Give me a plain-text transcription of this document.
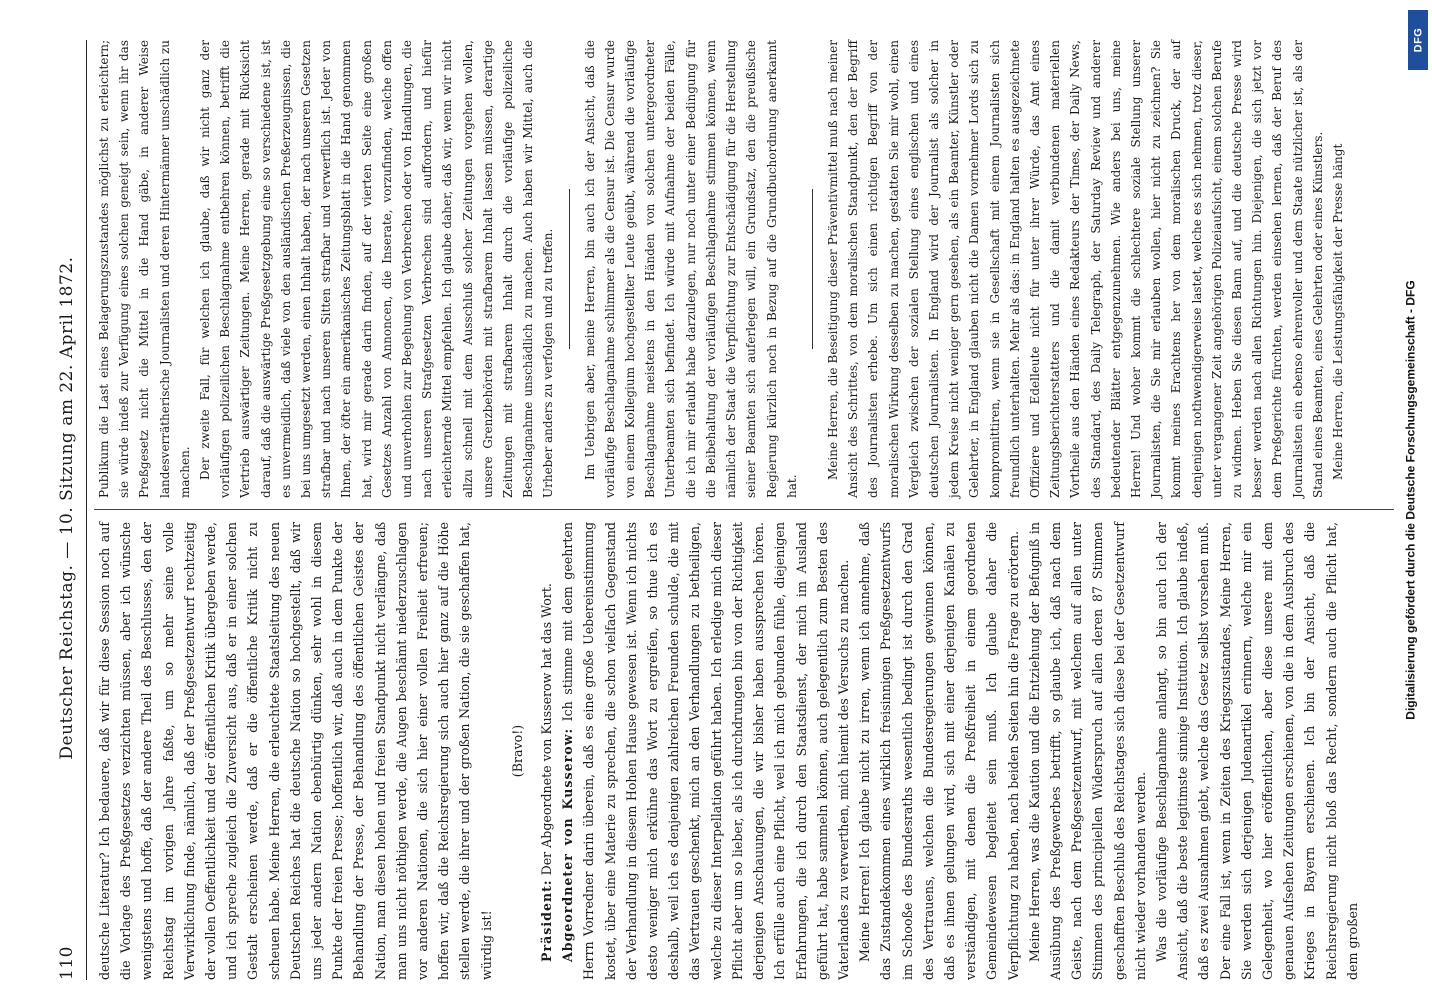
110
Deutscher Reichstag. — 10. Sitzung am 22. April 1872. deutsche Literatur? Ich bedauere, daß wir für diese Session noch auf die Vorlage des Preßgesetzes verzichten müssen, aber ich wünsche wenigstens und hoffe, daß der andere Theil des Beschlusses, den der Reichstag im vorigen Jahre faßte, um so mehr seine volle Verwirklichung finde, nämlich, daß der Preßgesetzentwurf rechtzeitig der vollen Oeffentlichkeit und der öffentlichen Kritik übergeben werde, und ich spreche zugleich die Zuversicht aus, daß er in einer solchen Gestalt erscheinen werde, daß er die öffentliche Kritik nicht zu scheuen habe. Meine Herren, die erleuchtete Staatsleitung des neuen Deutschen Reiches hat die deutsche Nation so hochgestellt, daß wir uns jeder andern Nation ebenbürtig dünken, sehr wohl in diesem Punkte der freien Presse; hoffentlich wir, daß auch in dem Punkte der Behandlung der Presse, der Behandlung des öffentlichen Geistes der Nation, man diesen hohen und freien Standpunkt nicht verlängne, daß man uns nicht nöthigen werde, die Augen beschämt niederzuschlagen vor anderen Nationen, die sich hier einer vollen Freiheit erfreuen; hoffen wir, daß die Reichsregierung sich auch hier ganz auf die Höhe stellen werde, die ihrer und der großen Nation, die sie geschaffen hat, würdig ist!

(Bravo!)

Präsident: Der Abgeordnete von Kusserow hat das Wort. Abgeordneter von Kusserow: Ich stimme mit dem geehrten Herrn Vorredner darin überein, daß es eine große Uebereinstimmung kostet, über eine Materie zu sprechen, die schon vielfach Gegenstand der Verhandlung in diesem Hohen Hause gewesen ist. Wenn ich nichts desto weniger mich erkühne das Wort zu ergreifen, so thue ich es deshalb, weil ich es denjenigen zahlreichen Freunden schulde, die mit das Vertrauen geschenkt, mich an den Verhandlungen zu betheiligen, welche zu dieser Interpellation geführt haben. Ich erledige mich dieser Pflicht aber um so lieber, als ich durchdrungen bin von der Richtigkeit derjenigen Anschauungen, die wir bisher haben aussprechen hören. Ich erfülle auch eine Pflicht, weil ich mich gebunden fühle, diejenigen Erfahrungen, die ich durch den Staatsdienst, der mich im Ausland geführt hat, habe sammeln können, auch gelegentlich zum Besten des Vaterlandes zu verwerthen, mich hiemit des Versuchs zu machen. Meine Herren! Ich glaube nicht zu irren, wenn ich annehme, daß das Zustandekommen eines wirklich freisinnigen Preßgesetzentwurfs im Schooße des Bundesraths wesentlich bedingt ist durch den Grad des Vertrauens, welchen die Bundesregierungen gewinnen können, daß es ihnen gelungen wird, sich mit einer derjenigen Kanälen zu verständigen, mit denen die Preßfreiheit in einem geordneten Gemeindewesen begleitet sein muß. Ich glaube daher die Verpflichtung zu haben, nach beiden Seiten hin die Frage zu erörtern. Meine Herren, was die Kaution und die Entziehung der Befugniß in Ausübung des Preßgewerbes betrifft, so glaube ich, daß nach dem Geiste, nach dem Preßgesetzentwurf, mit welchem auf allen unter Stimmen des principiellen Widerspruch auf allen deren 87 Stimmen geschafften Beschluß des Reichstages sich diese bei der Gesetzentwurf nicht wieder vorhanden werden. Was die vorläufige Beschlagnahme anlangt, so bin auch ich der Ansicht, daß die beste legitimste sinnige Institution. Ich glaube indeß, daß es zwei Ausnahmen giebt, welche das Gesetz selbst vorsehen muß. Der eine Fall ist, wenn in Zeiten des Kriegszustandes, Meine Herren, Sie werden sich derjenigen Judenartikel erinnern, welche mir ein Gelegenheit, wo hier eröffentlichen, aber diese unsere mit dem genauen Aufsehen Zeitungen erschienen, von die in dem Ausbruch des Krieges in Bayern erschienen. Ich bin der Ansicht, daß die Reichsregierung nicht bloß das Recht, sondern auch die Pflicht hat, dem großen

Publikum die Last eines Belagerungszustandes möglichst zu erleichtern; sie würde indeß zur Verfügung eines solchen geneigt sein, wenn ihr das Preßgesetz nicht die Mittel in die Hand gäbe, in anderer Weise landesverrätherische Journalisten und deren Hintermänner unschädlich zu machen. Der zweite Fall, für welchen ich glaube, daß wir nicht ganz der vorläufigen polizeilichen Beschlagnahme entbehren können, betrifft die Vertrieb auswärtiger Zeitungen. Meine Herren, gerade mit Rücksicht darauf, daß die auswärtige Preßgesetzgebung eine so verschiedene ist, ist es unvermeidlich, daß viele von den ausländischen Preßerzeugnissen, die bei uns umgesetzt werden, einen Inhalt haben, der nach unseren Gesetzen strafbar und nach unseren Sitten strafbar und verwerflich ist. Jeder von Ihnen, der öfter ein amerikanisches Zeitungsblatt in die Hand genommen hat, wird mir gerade darin finden, auf der vierten Seite eine großen Gesetzes Anzahl von Annoncen, die Inserate, vorzufinden, welche offen und unverhohlen zur Begehung von Verbrechen oder von Handlungen, die nach unseren Strafgesetzen Verbrechen sind auffordern, und hiefür erleichternde Mittel empfehlen. Ich glaube daher, daß wir, wenn wir nicht allzu schnell mit dem Ausschluß solcher Zeitungen vorgehen wollen, unsere Grenzbehörden mit strafbarem Inhalt lassen müssen, derartige Zeitungen mit strafbarem Inhalt durch die vorläufige polizeiliche Beschlagnahme unschädlich zu machen. Auch haben wir Mittel, auch die Urheber anders zu verfolgen und zu treffen. Im Uebrigen aber, meine Herren, bin auch ich der Ansicht, daß die vorläufige Beschlagnahme schlimmer als die Censur ist. Die Censur wurde von einem Kollegium hochgestellter Leute geübt, während die vorläufige Beschlagnahme meistens in den Händen von solchen untergeordneter Unterbeamten sich befindet. Ich würde mit Aufnahme der beiden Fälle, die ich mir erlaubt habe darzulegen, nur noch unter einer Bedingung für die Beibehaltung der vorläufigen Beschlagnahme stimmen können, wenn nämlich der Staat die Verpflichtung zur Entschädigung für die Herstellung seiner Beamten sich auferlegen will, ein Grundsatz, den die preußische Regierung kürzlich noch in Bezug auf die Grundbuchordnung anerkannt hat.

Meine Herren, die Beseitigung dieser Präventivmittel muß nach meiner Ansicht des Schrittes, von dem moralischen Standpunkt, den der Begriff des Journalisten erhebe. Um sich einen richtigen Begriff von der moralischen Wirkung desselben zu machen, gestatten Sie mir wohl, einen Vergleich zwischen der sozialen Stellung eines englischen und eines deutschen Journalisten. In England wird der Journalist als solcher in jedem Kreise nicht weniger gern gesehen, als ein Beamter, Künstler oder Gelehrter, in England glauben nicht die Damen vornehmer Lords sich zu kompromittiren, wenn sie in Gesellschaft mit einem Journalisten sich freundlich unterhalten. Mehr als das: in England halten es ausgezeichnete Offiziere und Edelleute nicht für unter ihrer Würde, das Amt eines Zeitungsberichterstatters und die damit verbundenen materiellen Vortheile aus den Händen eines Redakteurs der Times, der Daily News, des Standard, des Daily Telegraph, der Saturday Review und anderer bedeutender Blätter entgegenzunehmen. Wie anders bei uns, meine Herren! Und woher kommt die schlechtere soziale Stellung unserer Journalisten, die Sie mir erlauben wollen, hier nicht zu zeichnen? Sie kommt meines Erachtens her von dem moralischen Druck, der auf denjenigen nothwendigerweise lastet, welche es sich nehmen, trotz dieser, unter vergangener Zeit angehörigen Polizeiaufsicht, einem solchen Berufe zu widmen. Heben Sie diesen Bann auf, und die deutsche Presse wird besser werden nach allen Richtungen hin. Diejenigen, die sich jetzt vor dem Preßgerichte fürchten, werden einsehen lernen, daß der Beruf des Journalisten ein ebenso ehrenvoller und dem Staate nützlicher ist, als der Stand eines Beamten, eines Gelehrten oder eines Künstlers. Meine Herren, die Leistungsfähigkeit der Presse hängt

DFG
Digitalisierung gefördert durch die Deutsche Forschungsgemeinschaft - DFG
